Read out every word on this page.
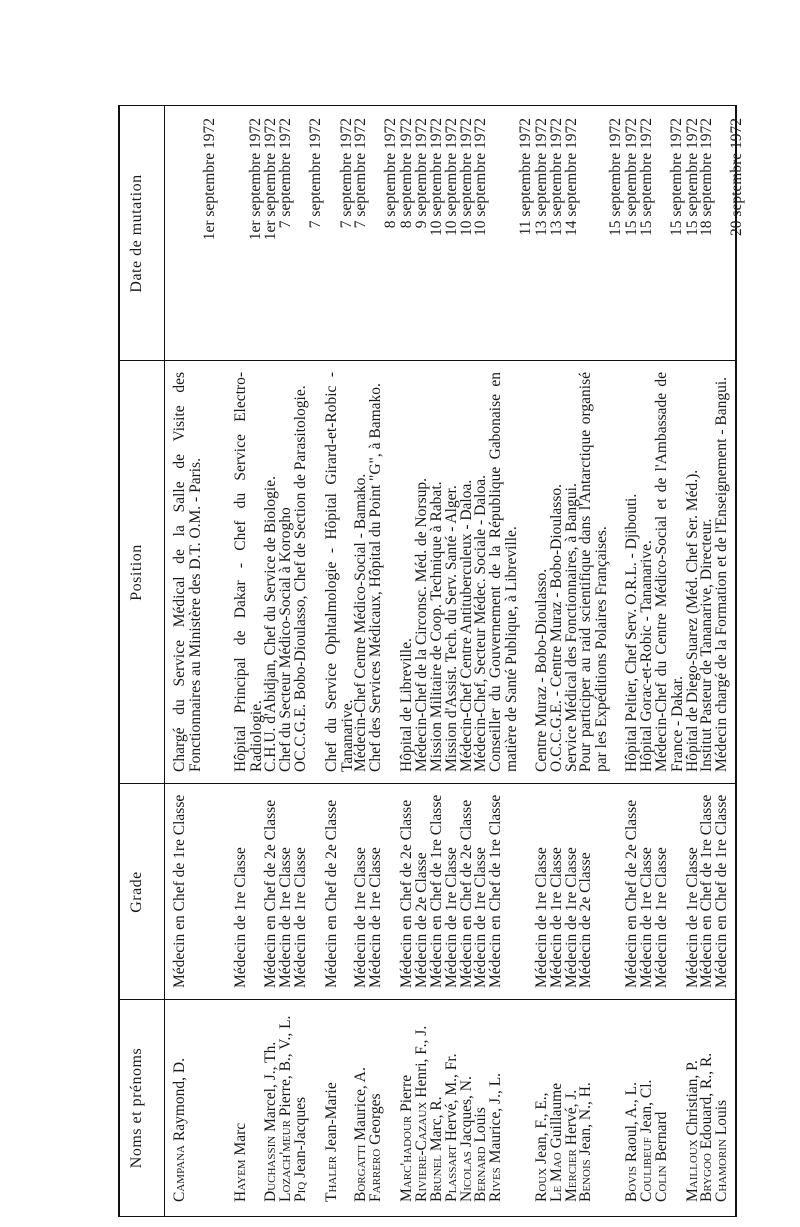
Noms et prénoms
Grade
Position
Date de mutation
Campana Raymond, D.
Médecin en Chef de 1re Classe
Chargé du Service Médical de la Salle de Visite des Fonctionnaires au Ministère des D.T. O.M. - Paris.
1er septembre 1972
Hayem Marc
Médecin de 1re Classe
Hôpital Principal de Dakar - Chef du Service Electro-Radiologie.
1er septembre 1972
Duchassin Marcel, J., Th.
Médecin en Chef de 2e Classe
C.H.U. d'Abidjan, Chef du Service de Biologie.
1er septembre 1972
Lozach'meur Pierre, B., V., L.
Médecin de 1re Classe
Chef du Secteur Médico-Social à Korogho
7 septembre 1972
Piq Jean-Jacques
Médecin de 1re Classe
OC.C.G.E. Bobo-Dioulasso, Chef de Section de Parasitologie.
7 septembre 1972
Thaler Jean-Marie
Médecin en Chef de 2e Classe
Chef du Service Ophtalmologie - Hôpital Girard-et-Robic - Tananarive.
7 septembre 1972
Borgatti Maurice, A.
Médecin de 1re Classe
Médecin-Chef Centre Médico-Social - Bamako.
7 septembre 1972
Farrero Georges
Médecin de 1re Classe
Chef des Services Médicaux, Hôpital du Point "G", à Bamako.
8 septembre 1972
Marc'hadour Pierre
Médecin en Chef de 2e Classe
Hôpital de Libreville.
8 septembre 1972
Riviere-Cazaux Henri, F., J.
Médecin de 2e Classe
Médecin-Chef de la Circonsc. Méd. de Norsup.
9 septembre 1972
Brunel Marc, R.
Médecin en Chef de 1re Classe
Mission Militaire de Coop. Technique à Rabat.
10 septembre 1972
Plassart Hervé, M., Fr.
Médecin de 1re Classe
Mission d'Assist. Tech. du Serv. Santé - Alger.
10 septembre 1972
Nicolas Jacques, N.
Médecin en Chef de 2e Classe
Médecin-Chef Centre Antituberculeux - Daloa.
10 septembre 1972
Bernard Louis
Médecin de 1re Classe
Médecin-Chef, Secteur Médec. Sociale - Daloa.
10 septembre 1972
Rives Maurice, J., L.
Médecin en Chef de 1re Classe
Conseiller du Gouvernement de la République Gabonaise en matière de Santé Publique, à Libreville.
11 septembre 1972
Roux Jean, F., E.,
Médecin de 1re Classe
Centre Muraz - Bobo-Dioulasso.
13 septembre 1972
Le Mao Guillaume
Médecin de 1re Classe
O.C.C.G.E. - Centre Muraz - Bobo-Dioulasso.
13 septembre 1972
Mercier Hervé, J.
Médecin de 1re Classe
Service Médical des Fonctionnaires, à Bangui.
14 septembre 1972
Benois Jean, N., H.
Médecin de 2e Classe
Pour participer au raid scientifique dans l'Antarctique organisé par les Expéditions Polaires Françaises.
15 septembre 1972
Bovis Raoul, A., L.
Médecin en Chef de 2e Classe
Hôpital Peltier, Chef Serv. O.R.L. - Djibouti.
15 septembre 1972
Coulibeuf Jean, Cl.
Médecin de 1re Classe
Hôpital Gorac-et-Robic - Tananarive.
15 septembre 1972
Colin Bernard
Médecin de 1re Classe
Médecin-Chef du Centre Médico-Social et de l'Ambassade de France - Dakar.
15 septembre 1972
Mailloux Christian, P.
Médecin de 1re Classe
Hôpital de Diego-Suarez (Méd. Chef Ser. Méd.).
15 septembre 1972
Brygoo Edouard, R., R.
Médecin en Chef de 1re Classe
Institut Pasteur de Tananarive, Directeur.
18 septembre 1972
Chamorin Louis
Médecin en Chef de 1re Classe
Médecin chargé de la Formation et de l'Enseignement - Bangui.
20 septembre 1972
